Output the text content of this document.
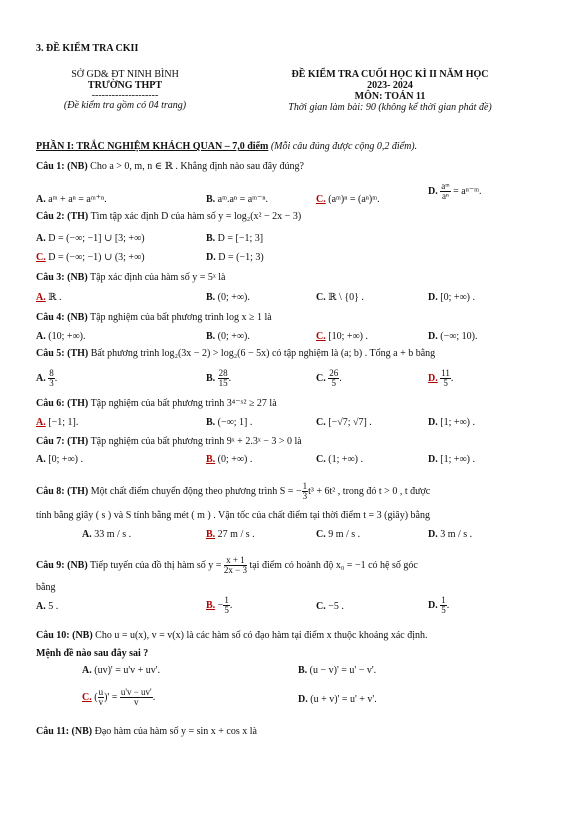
3. ĐỀ KIỂM TRA CKII
SỞ GD& ĐT NINH BÌNH
TRƯỜNG THPT
--------------------
(Đề kiểm tra gồm có 04 trang)
ĐỀ KIỂM TRA CUỐI HỌC KÌ II NĂM HỌC
2023- 2024
MÔN: TOÁN 11
Thời gian làm bài: 90 (không kể thời gian phát đề)
PHẦN I: TRẮC NGHIỆM KHÁCH QUAN – 7,0 điểm (Mỗi câu đúng được cộng 0,2 điểm).
Câu 1: (NB) Cho a > 0, m, n ∈ ℝ . Khẳng định nào sau đây đúng?
A. aᵐ + aⁿ = aᵐ⁺ⁿ.	B. aᵐ.aⁿ = aᵐ⁻ⁿ.	C. (aᵐ)ⁿ = (aⁿ)ᵐ.
D. $\frac{\text{aᵐ}}{\text{aⁿ}}$ = aⁿ⁻ᵐ.
Câu 2: (TH) Tìm tập xác định D của hàm số y = log₂(x² − 2x − 3)
A. D = (−∞; −1] ∪ [3; +∞)	B. D = [−1; 3]
C. D = (−∞; −1) ∪ (3; +∞)	D. D = (−1; 3)
Câu 3: (NB) Tập xác định của hàm số y = 5ˣ là
A. ℝ .	B. (0; +∞).	C. ℝ \ {0} .	D. [0; +∞) .
Câu 4: (NB) Tập nghiệm của bất phương trình log x ≥ 1 là
A. (10; +∞).	B. (0; +∞).	C. [10; +∞) .	D. (−∞; 10).
Câu 5: (TH) Bất phương trình log₂(3x − 2) > log₂(6 − 5x) có tập nghiệm là (a; b) . Tổng a + b bằng
A. $\frac{8}{3}$ .	B. $\frac{28}{15}$ .	C. $\frac{26}{5}$ .	D. $\frac{11}{5}$ .
Câu 6: (TH) Tập nghiệm của bất phương trình 3⁴⁻ˣ² ≥ 27 là
A. [−1; 1].	B. (−∞; 1] .	C. [−√7; √7] .	D. [1; +∞) .
Câu 7: (TH) Tập nghiệm của bất phương trình 9ˣ + 2.3ˣ − 3 > 0 là
A. [0; +∞) .	B. (0; +∞) .	C. (1; +∞) .	D. [1; +∞) .
Câu 8: (TH) Một chất điểm chuyển động theo phương trình S = − $\frac{1}{3} t^3 + 6t^2$ , trong đó t > 0 , t được
tính bằng giây ( s ) và S tính bằng mét ( m ) . Vận tốc của chất điểm tại thời điểm t = 3 (giây) bằng
A. 33 m / s .	B. 27 m / s .	C. 9 m / s .	D. 3 m / s .
Câu 9: (NB) Tiếp tuyến của đồ thị hàm số $y = \frac{x + 1}{2x - 3}$ tại điểm có hoành độ x₀ = −1 có hệ số góc
bằng
A. 5 .	B. − $\frac{1}{5}$ .	C. −5 .	D. $\frac{1}{5}$ .
Câu 10: (NB) Cho u = u(x), v = v(x) là các hàm số có đạo hàm tại điểm x thuộc khoảng xác định.
Mệnh đề nào sau đây sai ?
A. (uv)' = u'v + uv'.	B. (u − v)' = u' − v'.
C. ( $\frac{u}{v}$ )' = $\frac{u'v - uv'}{v}$ .	D. (u + v)' = u' + v'.
Câu 11: (NB) Đạo hàm của hàm số y = sin x + cos x là
